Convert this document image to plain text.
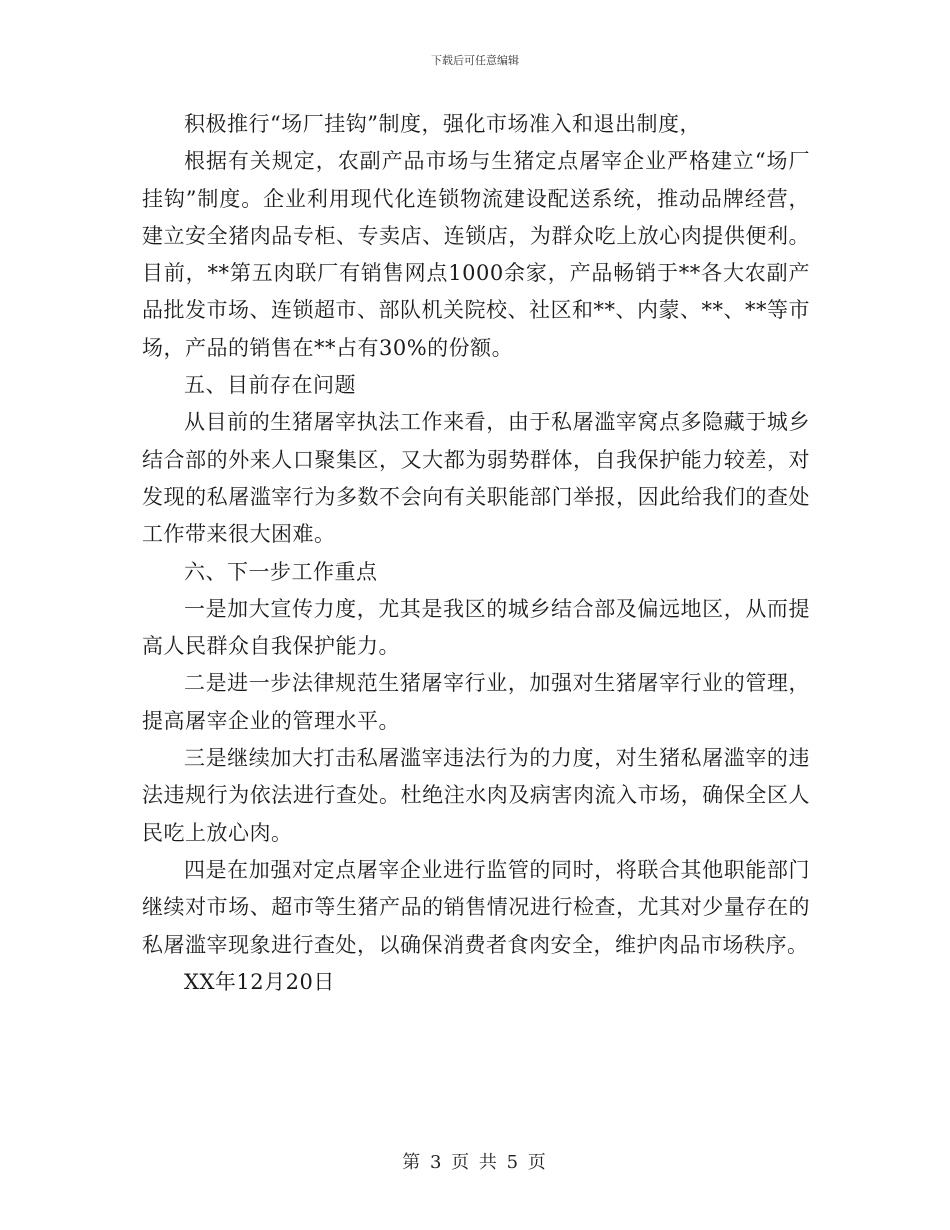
下载后可任意编辑

积极推行“场厂挂钩”制度，强化市场准入和退出制度，

根据有关规定，农副产品市场与生猪定点屠宰企业严格建立“场厂挂钩”制度。企业利用现代化连锁物流建设配送系统，推动品牌经营，建立安全猪肉品专柜、专卖店、连锁店，为群众吃上放心肉提供便利。目前，**第五肉联厂有销售网点1000余家，产品畅销于**各大农副产品批发市场、连锁超市、部队机关院校、社区和**、内蒙、**、**等市场，产品的销售在**占有30%的份额。

五、目前存在问题

从目前的生猪屠宰执法工作来看，由于私屠滥宰窝点多隐藏于城乡结合部的外来人口聚集区，又大都为弱势群体，自我保护能力较差，对发现的私屠滥宰行为多数不会向有关职能部门举报，因此给我们的查处工作带来很大困难。

六、下一步工作重点

一是加大宣传力度，尤其是我区的城乡结合部及偏远地区，从而提高人民群众自我保护能力。

二是进一步法律规范生猪屠宰行业，加强对生猪屠宰行业的管理，提高屠宰企业的管理水平。

三是继续加大打击私屠滥宰违法行为的力度，对生猪私屠滥宰的违法违规行为依法进行查处。杜绝注水肉及病害肉流入市场，确保全区人民吃上放心肉。

四是在加强对定点屠宰企业进行监管的同时，将联合其他职能部门继续对市场、超市等生猪产品的销售情况进行检查，尤其对少量存在的私屠滥宰现象进行查处，以确保消费者食肉安全，维护肉品市场秩序。

XX年12月20日

第 3 页 共 5 页
